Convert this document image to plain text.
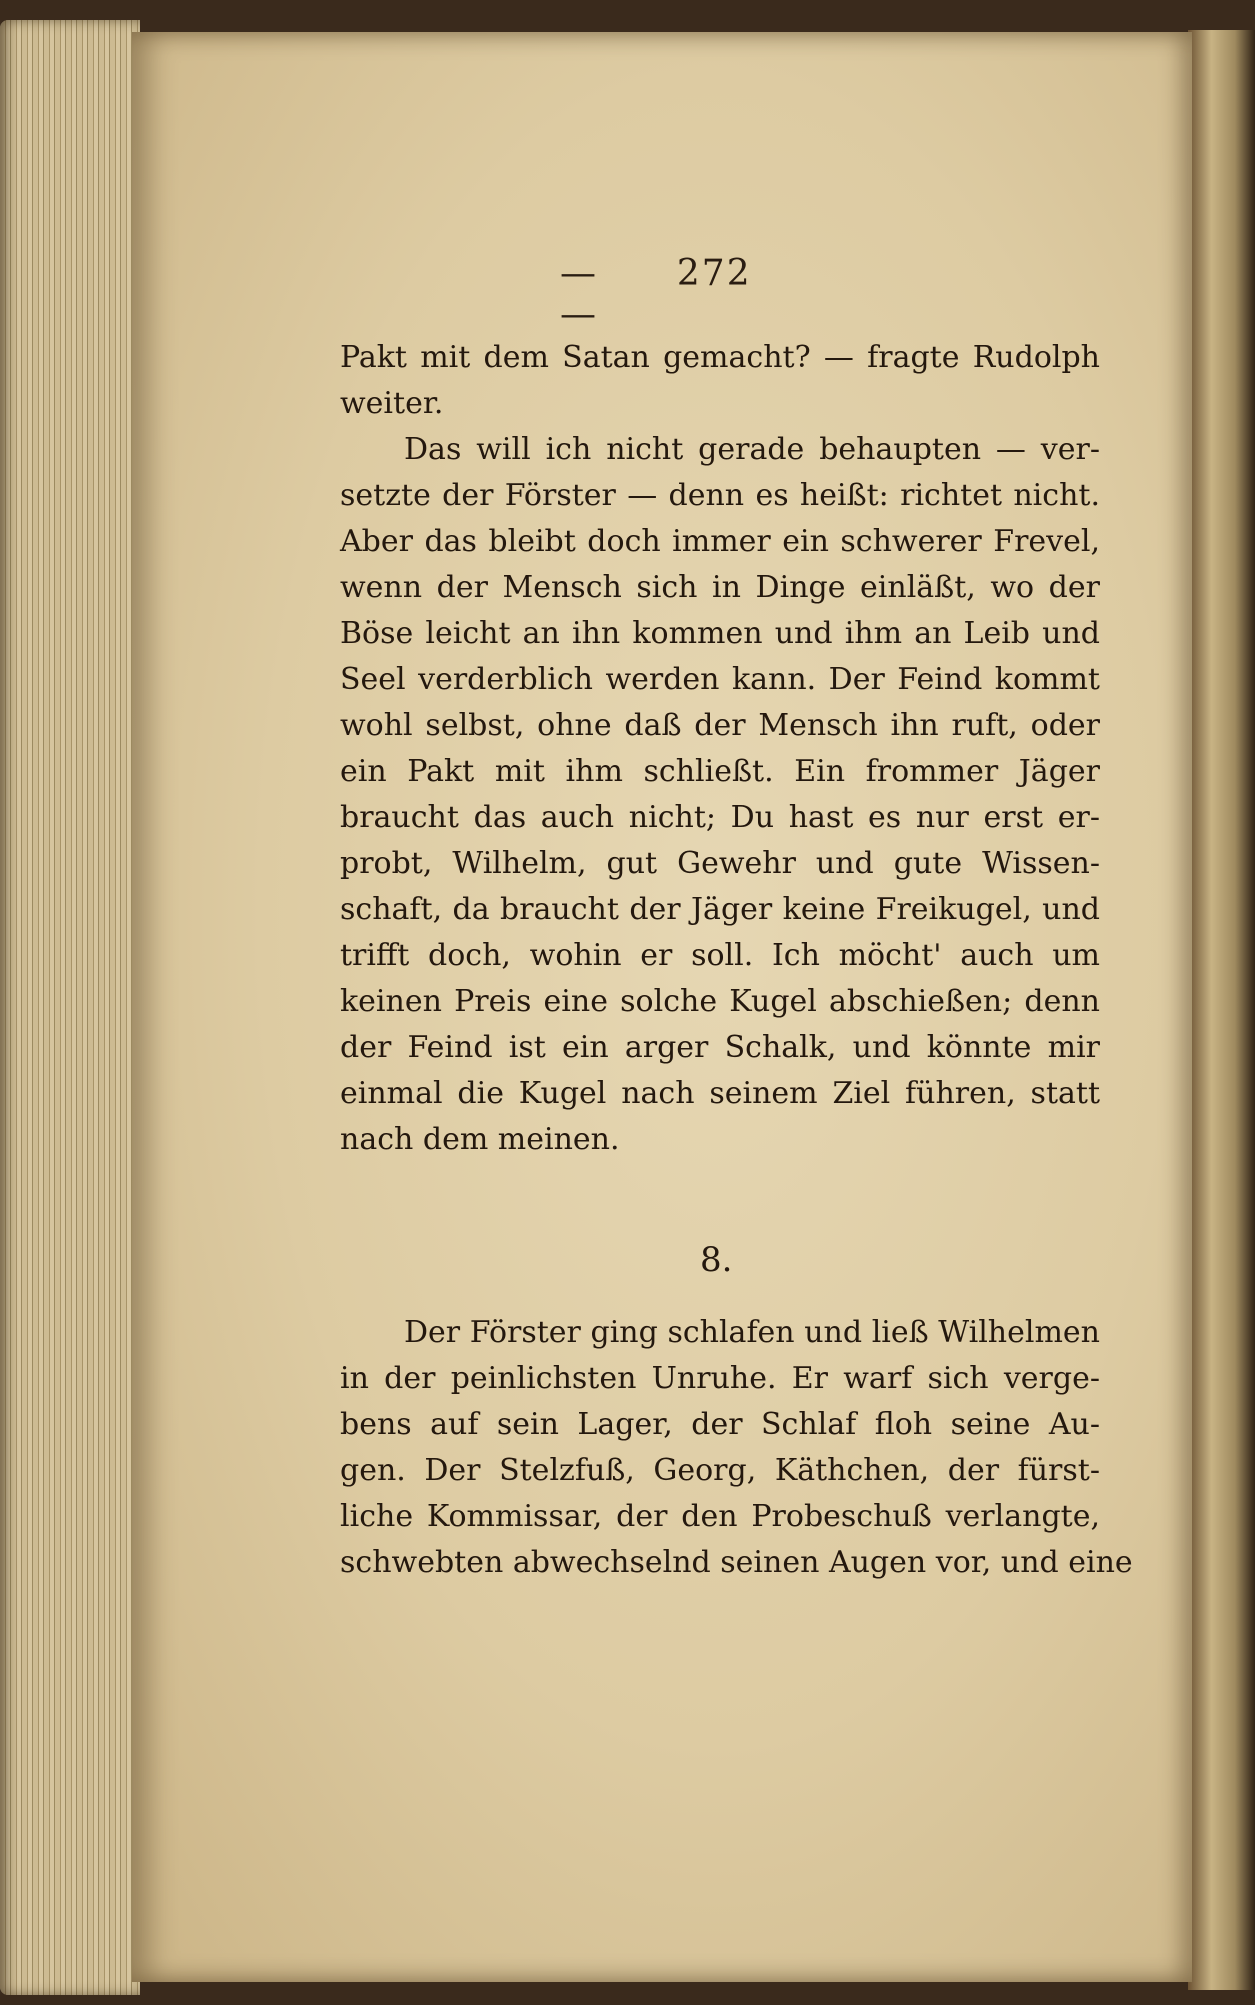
— 272  —
Pakt mit dem Satan gemacht? — fragte Rudolph
weiter.
Das will ich nicht gerade behaupten — ver-
setzte der Förster — denn es heißt: richtet nicht.
Aber das bleibt doch immer ein schwerer Frevel,
wenn der Mensch sich in Dinge einläßt, wo der
Böse leicht an ihn kommen und ihm an Leib und
Seel verderblich werden kann. Der Feind kommt
wohl selbst, ohne daß der Mensch ihn ruft, oder
ein Pakt mit ihm schließt. Ein frommer Jäger
braucht das auch nicht; Du hast es nur erst er-
probt, Wilhelm, gut Gewehr und gute Wissen-
schaft, da braucht der Jäger keine Freikugel, und
trifft doch, wohin er soll. Ich möcht' auch um
keinen Preis eine solche Kugel abschießen; denn
der Feind ist ein arger Schalk, und könnte mir
einmal die Kugel nach seinem Ziel führen, statt
nach dem meinen.
8.
Der Förster ging schlafen und ließ Wilhelmen
in der peinlichsten Unruhe. Er warf sich verge-
bens auf sein Lager, der Schlaf floh seine Au-
gen. Der Stelzfuß, Georg, Käthchen, der fürst-
liche Kommissar, der den Probeschuß verlangte,
schwebten abwechselnd seinen Augen vor, und eine
